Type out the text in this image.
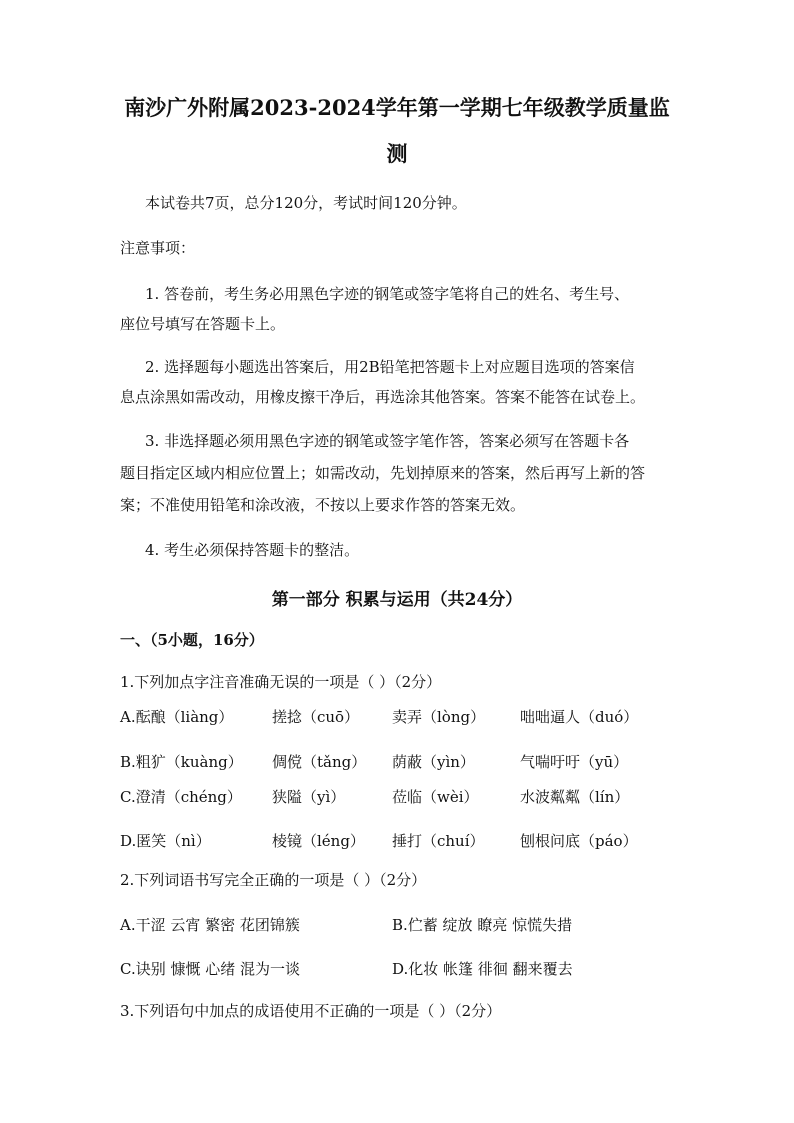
南沙广外附属2023-2024学年第一学期七年级教学质量监
测
本试卷共7页，总分120分，考试时间120分钟。
注意事项：
1. 答卷前，考生务必用黑色字迹的钢笔或签字笔将自己的姓名、考生号、
座位号填写在答题卡上。
2. 选择题每小题选出答案后，用2B铅笔把答题卡上对应题目选项的答案信
息点涂黑如需改动，用橡皮擦干净后，再选涂其他答案。答案不能答在试卷上。
3. 非选择题必须用黑色字迹的钢笔或签字笔作答，答案必须写在答题卡各
题目指定区域内相应位置上；如需改动，先划掉原来的答案，然后再写上新的答
案；不准使用铅笔和涂改液，不按以上要求作答的答案无效。
4. 考生必须保持答题卡的整洁。
第一部分 积累与运用（共24分）
一、（5小题，16分）
1.下列加点字注音准确无误的一项是（ ）（2分）
A.酝酿（liàng）	搓捻（cuō） 卖弄（lòng） 咄咄逼人（duó）
B.粗犷（kuàng） 倜傥（tǎng） 荫蔽（yìn）	气喘吁吁（yū）
C.澄清（chéng） 狭隘（yì）	莅临（wèi）	水波粼粼（lín）
D.匿笑（nì）	棱镜（léng） 捶打（chuí） 刨根问底（páo）
2.下列词语书写完全正确的一项是（ ）（2分）
A.干涩 云宵 繁密 花团锦簇	B.伫蓄 绽放 瞭亮 惊慌失措
C.诀别 慷慨 心绪 混为一谈	D.化妆 帐篷 徘徊 翻来覆去
3.下列语句中加点的成语使用不正确的一项是（ ）（2分）
